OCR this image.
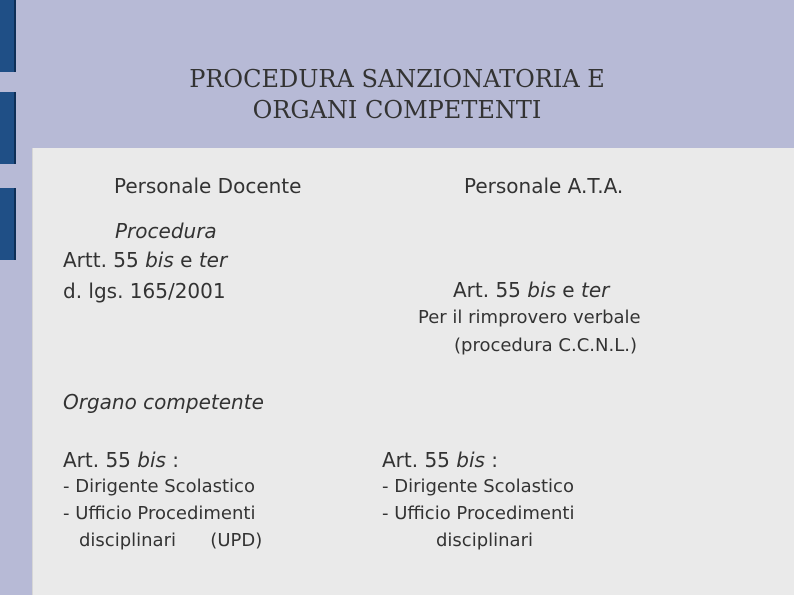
PROCEDURA SANZIONATORIA E
ORGANI COMPETENTI
Personale Docente
Procedura
Artt. 55 bis e ter
d. lgs. 165/2001
Organo competente
Art. 55 bis :
- Dirigente Scolastico
- Ufficio Procedimenti
disciplinari      (UPD)
Personale A.T.A.
Art. 55 bis e ter
Per il rimprovero verbale
(procedura C.C.N.L.)
Art. 55 bis :
- Dirigente Scolastico
- Ufficio Procedimenti
disciplinari
